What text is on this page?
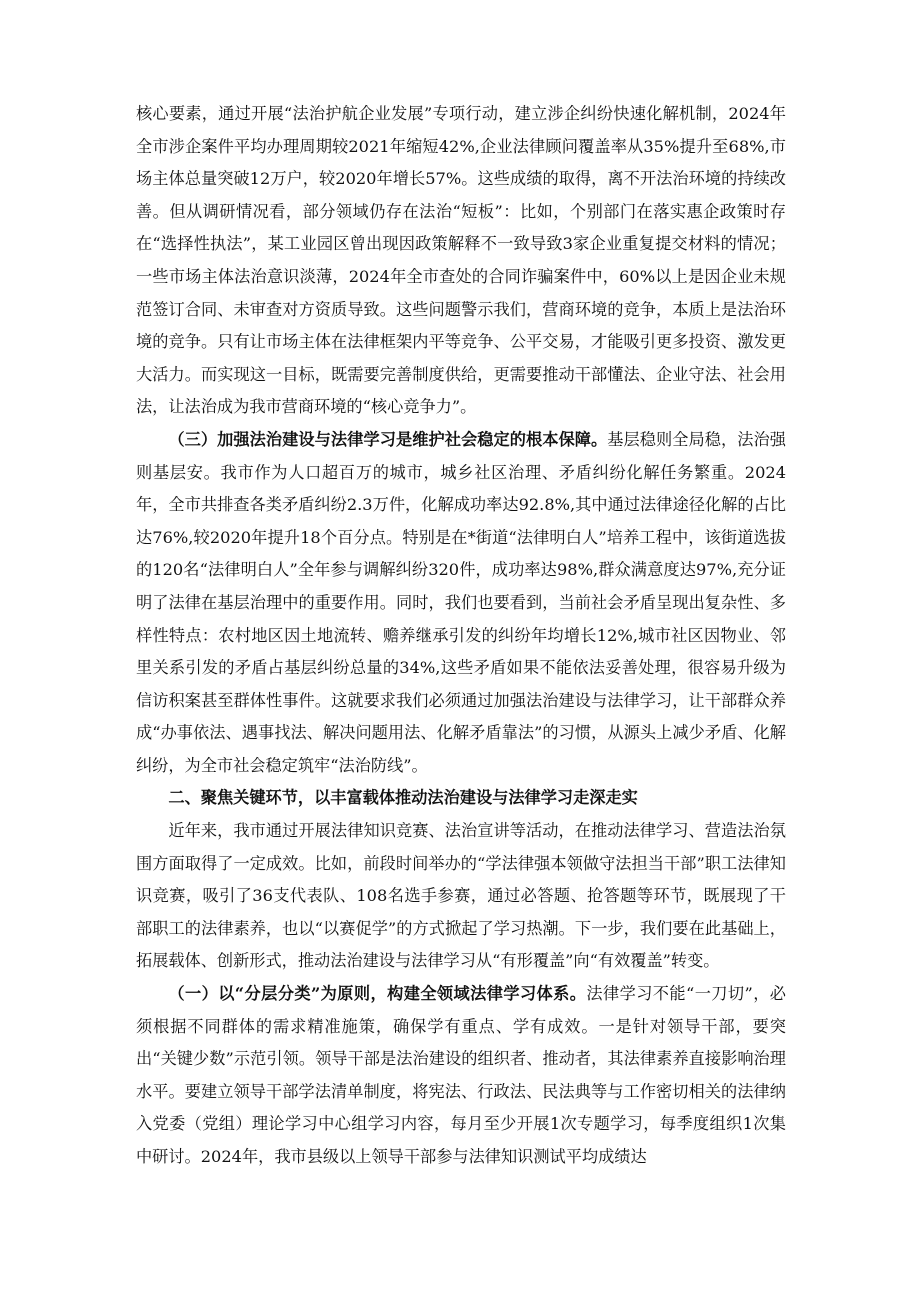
核心要素，通过开展“法治护航企业发展”专项行动，建立涉企纠纷快速化解机制，2024年全市涉企案件平均办理周期较2021年缩短42%,企业法律顾问覆盖率从35%提升至68%,市场主体总量突破12万户，较2020年增长57%。这些成绩的取得，离不开法治环境的持续改善。但从调研情况看，部分领域仍存在法治“短板”：比如，个别部门在落实惠企政策时存在“选择性执法”，某工业园区曾出现因政策解释不一致导致3家企业重复提交材料的情况；一些市场主体法治意识淡薄，2024年全市查处的合同诈骗案件中，60%以上是因企业未规范签订合同、未审查对方资质导致。这些问题警示我们，营商环境的竞争，本质上是法治环境的竞争。只有让市场主体在法律框架内平等竞争、公平交易，才能吸引更多投资、激发更大活力。而实现这一目标，既需要完善制度供给，更需要推动干部懂法、企业守法、社会用法，让法治成为我市营商环境的“核心竞争力”。

（三）加强法治建设与法律学习是维护社会稳定的根本保障。基层稳则全局稳，法治强则基层安。我市作为人口超百万的城市，城乡社区治理、矛盾纠纷化解任务繁重。2024年，全市共排查各类矛盾纠纷2.3万件，化解成功率达92.8%,其中通过法律途径化解的占比达76%,较2020年提升18个百分点。特别是在*街道“法律明白人”培养工程中，该街道选拔的120名“法律明白人”全年参与调解纠纷320件，成功率达98%,群众满意度达97%,充分证明了法律在基层治理中的重要作用。同时，我们也要看到，当前社会矛盾呈现出复杂性、多样性特点：农村地区因土地流转、赡养继承引发的纠纷年均增长12%,城市社区因物业、邻里关系引发的矛盾占基层纠纷总量的34%,这些矛盾如果不能依法妥善处理，很容易升级为信访积案甚至群体性事件。这就要求我们必须通过加强法治建设与法律学习，让干部群众养成“办事依法、遇事找法、解决问题用法、化解矛盾靠法”的习惯，从源头上减少矛盾、化解纠纷，为全市社会稳定筑牢“法治防线”。

二、聚焦关键环节，以丰富载体推动法治建设与法律学习走深走实

近年来，我市通过开展法律知识竞赛、法治宣讲等活动，在推动法律学习、营造法治氛围方面取得了一定成效。比如，前段时间举办的“学法律强本领做守法担当干部”职工法律知识竞赛，吸引了36支代表队、108名选手参赛，通过必答题、抢答题等环节，既展现了干部职工的法律素养，也以“以赛促学”的方式掀起了学习热潮。下一步，我们要在此基础上，拓展载体、创新形式，推动法治建设与法律学习从“有形覆盖”向“有效覆盖”转变。

（一）以“分层分类”为原则，构建全领域法律学习体系。法律学习不能“一刀切”，必须根据不同群体的需求精准施策，确保学有重点、学有成效。一是针对领导干部，要突出“关键少数”示范引领。领导干部是法治建设的组织者、推动者，其法律素养直接影响治理水平。要建立领导干部学法清单制度，将宪法、行政法、民法典等与工作密切相关的法律纳入党委（党组）理论学习中心组学习内容，每月至少开展1次专题学习，每季度组织1次集中研讨。2024年，我市县级以上领导干部参与法律知识测试平均成绩达
